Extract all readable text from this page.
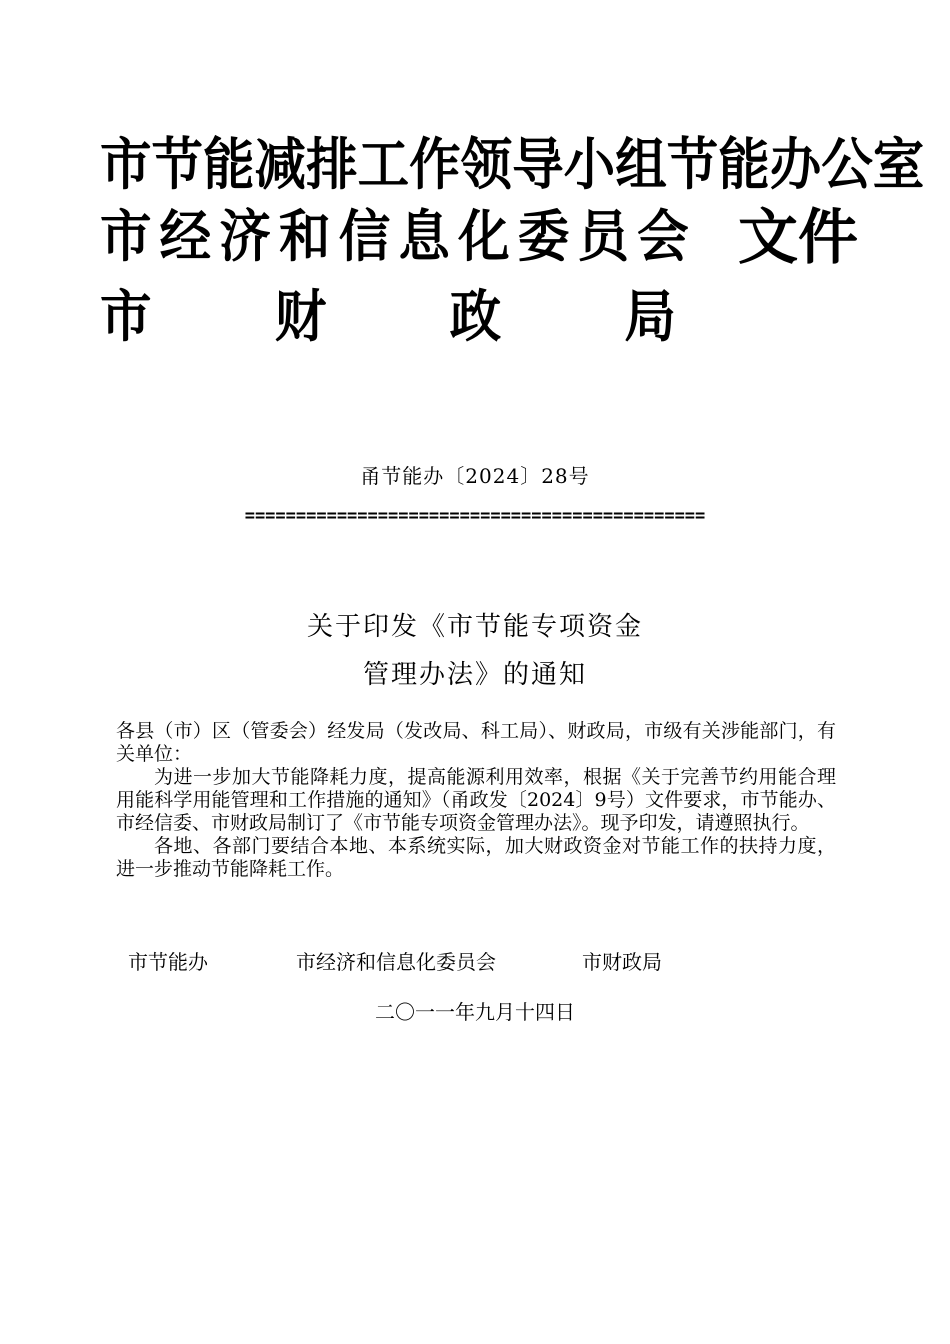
市节能减排工作领导小组节能办公室
市 经 济 和 信 息 化 委 员 会 文件
市 财 政 局
甬节能办〔2024〕28号
=============================================
关于印发《市节能专项资金
管理办法》的通知

各县（市）区（管委会）经发局（发改局、科工局）、财政局，市级有关涉能部门，有关单位：

为进一步加大节能降耗力度，提高能源利用效率，根据《关于完善节约用能合理用能科学用能管理和工作措施的通知》（甬政发〔2024〕9号）文件要求，市节能办、市经信委、市财政局制订了《市节能专项资金管理办法》。现予印发，请遵照执行。

各地、各部门要结合本地、本系统实际，加大财政资金对节能工作的扶持力度，进一步推动节能降耗工作。

市节能办	市经济和信息化委员会	市财政局
二〇一一年九月十四日
